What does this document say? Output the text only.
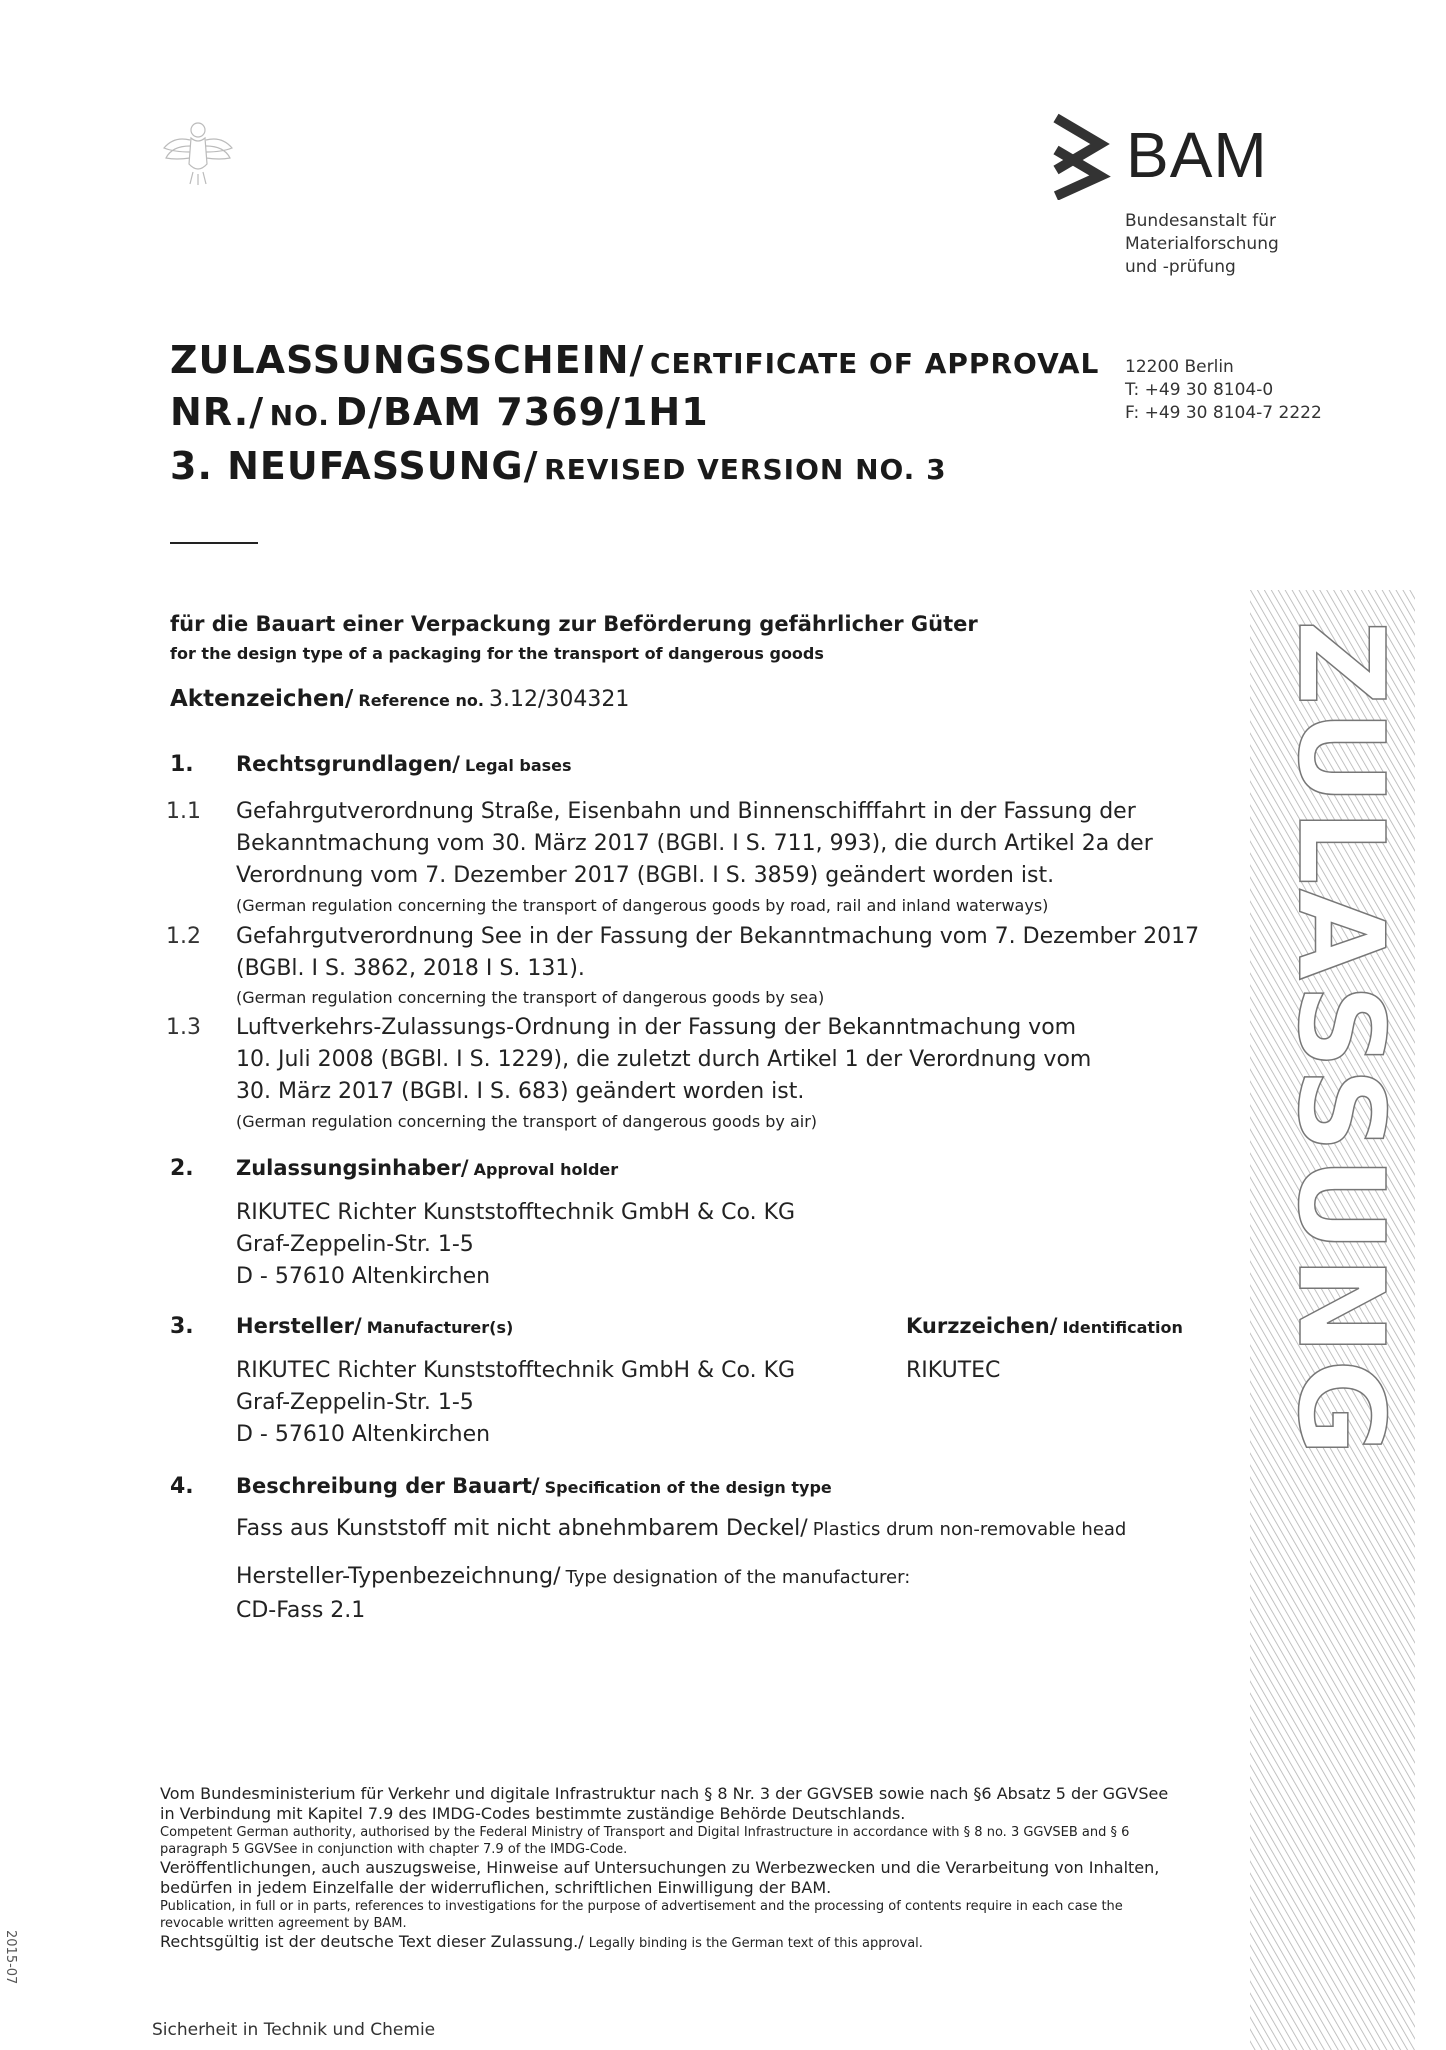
BAM
Bundesanstalt für
Materialforschung
und -prüfung
12200 Berlin
T: +49 30 8104-0
F: +49 30 8104-7 2222
ZULASSUNGSSCHEIN/ CERTIFICATE OF APPROVAL
NR./ NO. D/BAM 7369/1H1
3. NEUFASSUNG/ REVISED VERSION NO. 3
für die Bauart einer Verpackung zur Beförderung gefährlicher Güter
for the design type of a packaging for the transport of dangerous goods
Aktenzeichen/ Reference no. 3.12/304321
1. Rechtsgrundlagen/ Legal bases
1.1 Gefahrgutverordnung Straße, Eisenbahn und Binnenschifffahrt in der Fassung der
Bekanntmachung vom 30. März 2017 (BGBl. I S. 711, 993), die durch Artikel 2a der
Verordnung vom 7. Dezember 2017 (BGBl. I S. 3859) geändert worden ist.
(German regulation concerning the transport of dangerous goods by road, rail and inland waterways)
1.2 Gefahrgutverordnung See in der Fassung der Bekanntmachung vom 7. Dezember 2017
(BGBl. I S. 3862, 2018 I S. 131).
(German regulation concerning the transport of dangerous goods by sea)
1.3 Luftverkehrs-Zulassungs-Ordnung in der Fassung der Bekanntmachung vom
10. Juli 2008 (BGBl. I S. 1229), die zuletzt durch Artikel 1 der Verordnung vom
30. März 2017 (BGBl. I S. 683) geändert worden ist.
(German regulation concerning the transport of dangerous goods by air)
2. Zulassungsinhaber/ Approval holder
RIKUTEC Richter Kunststofftechnik GmbH & Co. KG
Graf-Zeppelin-Str. 1-5
D - 57610 Altenkirchen
3. Hersteller/ Manufacturer(s)	Kurzzeichen/ Identification
RIKUTEC Richter Kunststofftechnik GmbH & Co. KG
Graf-Zeppelin-Str. 1-5
D - 57610 Altenkirchen
RIKUTEC
4. Beschreibung der Bauart/ Specification of the design type
Fass aus Kunststoff mit nicht abnehmbarem Deckel/ Plastics drum non-removable head
Hersteller-Typenbezeichnung/ Type designation of the manufacturer:
CD-Fass 2.1
ZULASSUNG
Vom Bundesministerium für Verkehr und digitale Infrastruktur nach § 8 Nr. 3 der GGVSEB sowie nach §6 Absatz 5 der GGVSee
in Verbindung mit Kapitel 7.9 des IMDG-Codes bestimmte zuständige Behörde Deutschlands.
Competent German authority, authorised by the Federal Ministry of Transport and Digital Infrastructure in accordance with § 8 no. 3 GGVSEB and § 6
paragraph 5 GGVSee in conjunction with chapter 7.9 of the IMDG-Code.
Veröffentlichungen, auch auszugsweise, Hinweise auf Untersuchungen zu Werbezwecken und die Verarbeitung von Inhalten,
bedürfen in jedem Einzelfalle der widerruflichen, schriftlichen Einwilligung der BAM.
Publication, in full or in parts, references to investigations for the purpose of advertisement and the processing of contents require in each case the
revocable written agreement by BAM.
Rechtsgültig ist der deutsche Text dieser Zulassung./ Legally binding is the German text of this approval.
Sicherheit in Technik und Chemie
2015-07
